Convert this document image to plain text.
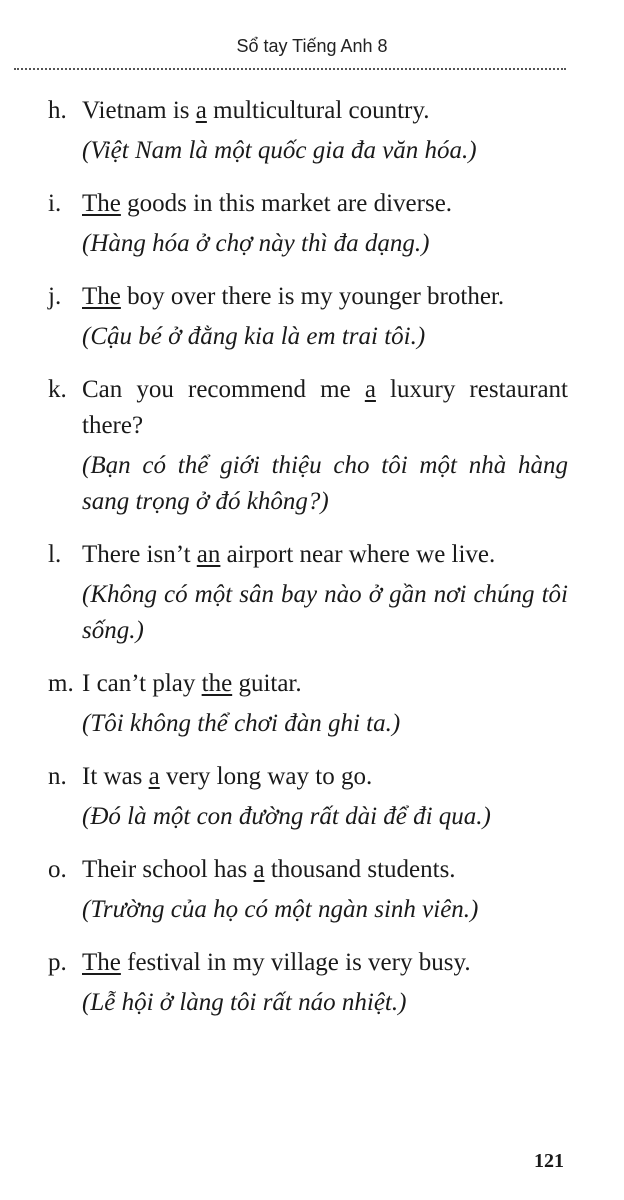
Sổ tay Tiếng Anh 8
h. Vietnam is a multicultural country.
(Việt Nam là một quốc gia đa văn hóa.)
i. The goods in this market are diverse.
(Hàng hóa ở chợ này thì đa dạng.)
j. The boy over there is my younger brother.
(Cậu bé ở đằng kia là em trai tôi.)
k. Can you recommend me a luxury restaurant there?
(Bạn có thể giới thiệu cho tôi một nhà hàng sang trọng ở đó không?)
l. There isn’t an airport near where we live.
(Không có một sân bay nào ở gần nơi chúng tôi sống.)
m. I can’t play the guitar.
(Tôi không thể chơi đàn ghi ta.)
n. It was a very long way to go.
(Đó là một con đường rất dài để đi qua.)
o. Their school has a thousand students.
(Trường của họ có một ngàn sinh viên.)
p. The festival in my village is very busy.
(Lễ hội ở làng tôi rất náo nhiệt.)
121
